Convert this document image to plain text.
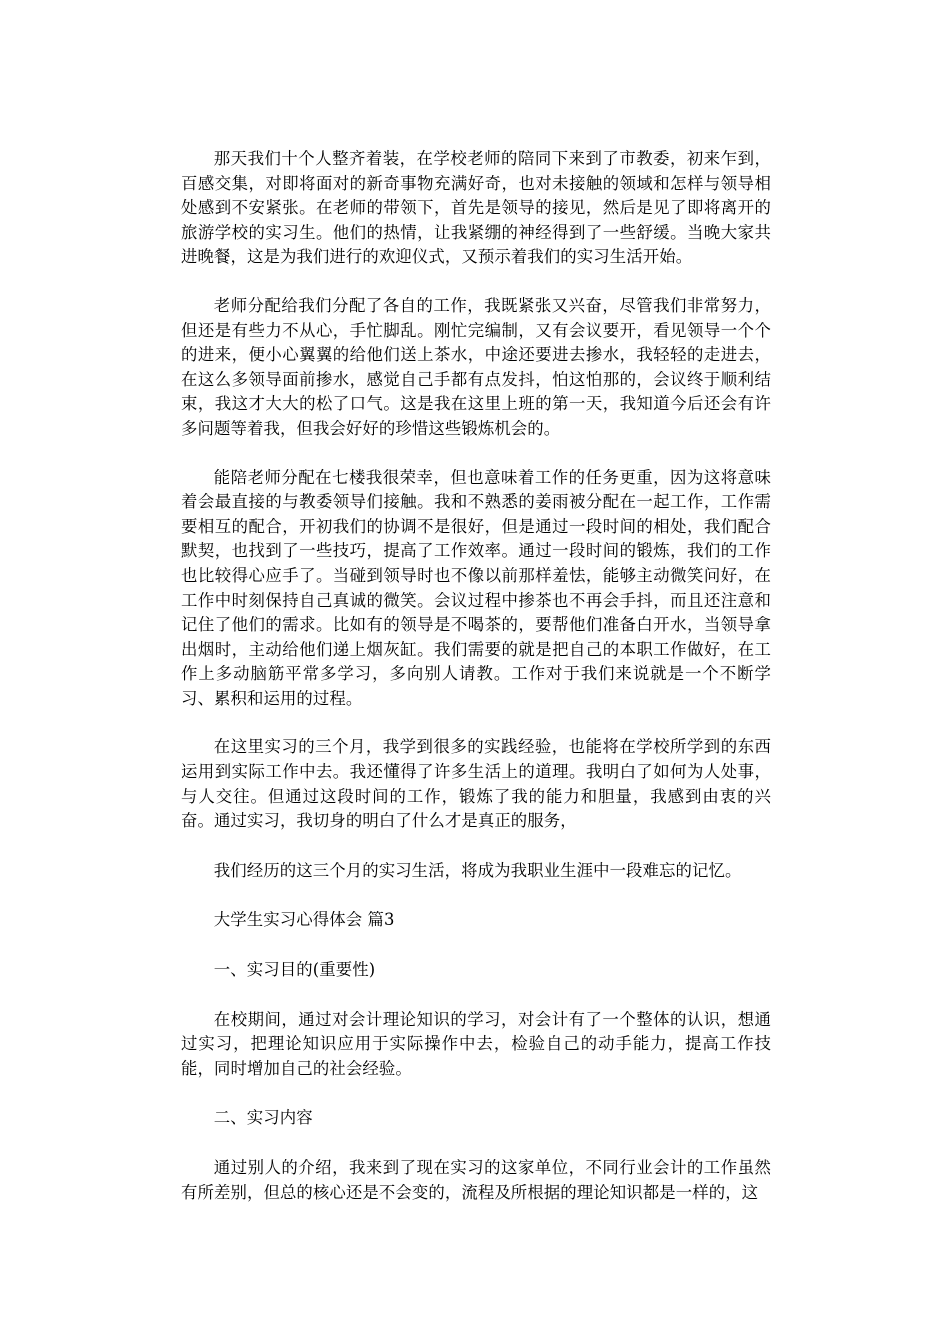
那天我们十个人整齐着装，在学校老师的陪同下来到了市教委，初来乍到，百感交集，对即将面对的新奇事物充满好奇，也对未接触的领域和怎样与领导相处感到不安紧张。在老师的带领下，首先是领导的接见，然后是见了即将离开的旅游学校的实习生。他们的热情，让我紧绷的神经得到了一些舒缓。当晚大家共进晚餐，这是为我们进行的欢迎仪式，又预示着我们的实习生活开始。

老师分配给我们分配了各自的工作，我既紧张又兴奋，尽管我们非常努力，但还是有些力不从心，手忙脚乱。刚忙完编制，又有会议要开，看见领导一个个的进来，便小心翼翼的给他们送上茶水，中途还要进去掺水，我轻轻的走进去，在这么多领导面前掺水，感觉自己手都有点发抖，怕这怕那的，会议终于顺利结束，我这才大大的松了口气。这是我在这里上班的第一天，我知道今后还会有许多问题等着我，但我会好好的珍惜这些锻炼机会的。

能陪老师分配在七楼我很荣幸，但也意味着工作的任务更重，因为这将意味着会最直接的与教委领导们接触。我和不熟悉的姜雨被分配在一起工作，工作需要相互的配合，开初我们的协调不是很好，但是通过一段时间的相处，我们配合默契，也找到了一些技巧，提高了工作效率。通过一段时间的锻炼，我们的工作也比较得心应手了。当碰到领导时也不像以前那样羞怯，能够主动微笑问好，在工作中时刻保持自己真诚的微笑。会议过程中掺茶也不再会手抖，而且还注意和记住了他们的需求。比如有的领导是不喝茶的，要帮他们准备白开水，当领导拿出烟时，主动给他们递上烟灰缸。我们需要的就是把自己的本职工作做好，在工作上多动脑筋平常多学习，多向别人请教。工作对于我们来说就是一个不断学习、累积和运用的过程。

在这里实习的三个月，我学到很多的实践经验，也能将在学校所学到的东西运用到实际工作中去。我还懂得了许多生活上的道理。我明白了如何为人处事，与人交往。但通过这段时间的工作，锻炼了我的能力和胆量，我感到由衷的兴奋。通过实习，我切身的明白了什么才是真正的服务，

我们经历的这三个月的实习生活，将成为我职业生涯中一段难忘的记忆。

大学生实习心得体会 篇3

一、实习目的(重要性)

在校期间，通过对会计理论知识的学习，对会计有了一个整体的认识，想通过实习，把理论知识应用于实际操作中去，检验自己的动手能力，提高工作技能，同时增加自己的社会经验。

二、实习内容

通过别人的介绍，我来到了现在实习的这家单位，不同行业会计的工作虽然有所差别，但总的核心还是不会变的，流程及所根据的理论知识都是一样的，这
